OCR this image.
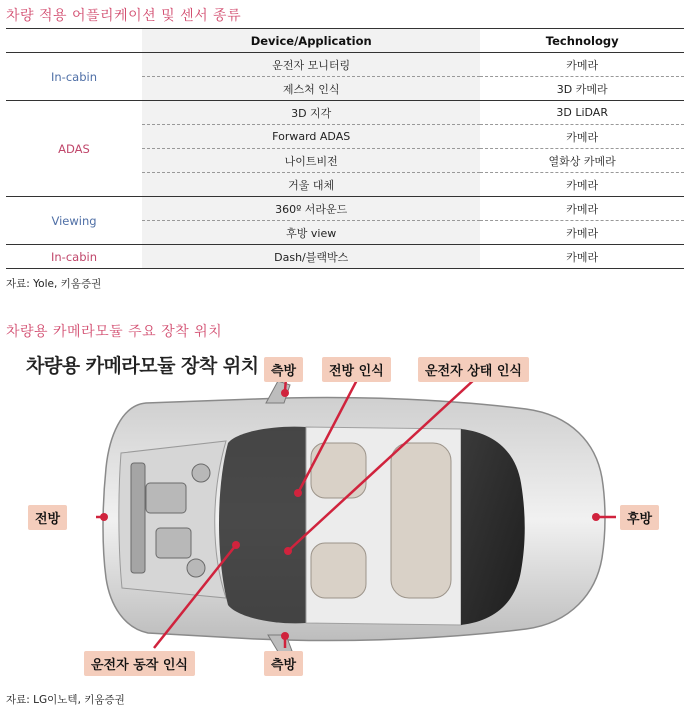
차량 적용 어플리케이션 및 센서 종류
	Device/Application	Technology
In-cabin	운전자 모니터링	카메라
	제스처 인식	3D 카메라
ADAS	3D 지각	3D LiDAR
	Forward ADAS	카메라
	나이트비전	열화상 카메라
	거울 대체	카메라
Viewing	360º 서라운드	카메라
	후방 view	카메라
In-cabin	Dash/블랙박스	카메라
자료: Yole, 키움증권
차량용 카메라모듈 주요 장착 위치
차량용 카메라모듈 장착 위치 측방	전방 인식	운전자 상태 인식
전방	후방
운전자 동작 인식	측방
자료: LG이노텍, 키움증권
